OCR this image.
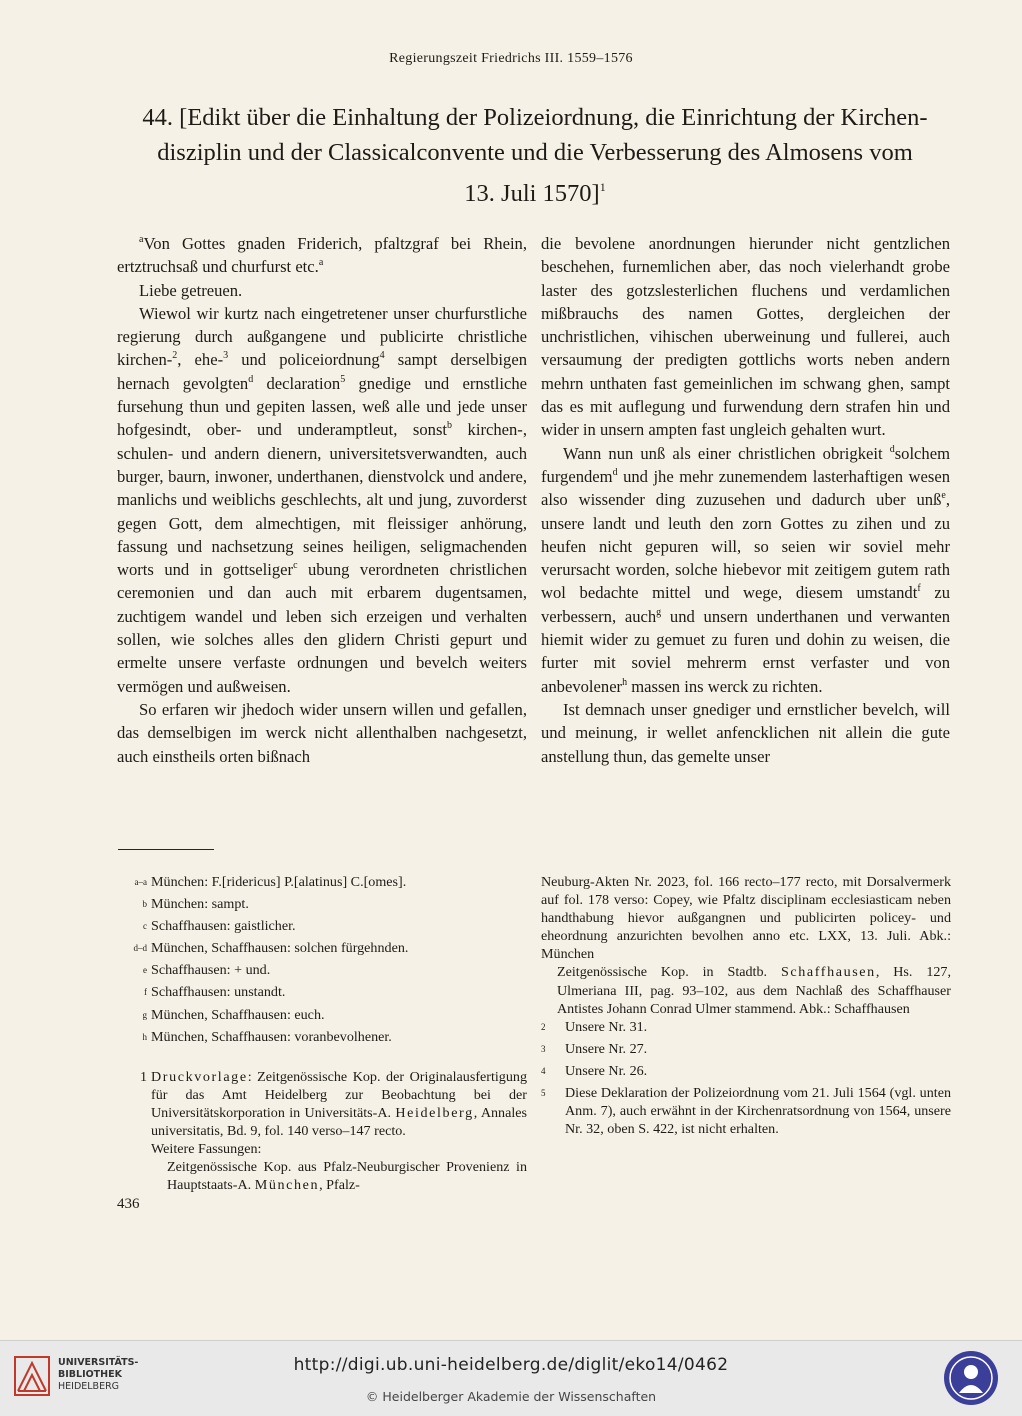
Regierungszeit Friedrichs III. 1559–1576
44. [Edikt über die Einhaltung der Polizeiordnung, die Einrichtung der Kirchen-
disziplin und der Classicalconvente und die Verbesserung des Almosens vom
13. Juli 1570]$^1$

$^a$Von Gottes gnaden Friderich, pfaltzgraf bei Rhein, ertztruchsaß und churfurst etc.$^a$

Liebe getreuen.

Wiewol wir kurtz nach eingetretener unser churfurstliche regierung durch außgangene und publicirte christliche kirchen-$^2$, ehe-$^3$ und policeiordnung$^4$ sampt derselbigen hernach gevolgten$^d$ declaration$^5$ gnedige und ernstliche fursehung thun und gepiten lassen, weß alle und jede unser hofgesindt, ober- und underamptleut, sonst$^b$ kirchen-, schulen- und andern dienern, universitetsverwandten, auch burger, baurn, inwoner, underthanen, dienstvolck und andere, manlichs und weiblichs geschlechts, alt und jung, zuvorderst gegen Gott, dem almechtigen, mit fleissiger anhörung, fassung und nachsetzung seines heiligen, seligmachenden worts und in gottseliger$^c$ ubung verordneten christlichen ceremonien und dan auch mit erbarem dugentsamen, zuchtigem wandel und leben sich erzeigen und verhalten sollen, wie solches alles den glidern Christi gepurt und ermelte unsere verfaste ordnungen und bevelch weiters vermögen und außweisen.

So erfaren wir jhedoch wider unsern willen und gefallen, das demselbigen im werck nicht allenthalben nachgesetzt, auch einstheils orten bißnach

die bevolene anordnungen hierunder nicht gentzlichen beschehen, furnemlichen aber, das noch vielerhandt grobe laster des gotzslesterlichen fluchens und verdamlichen mißbrauchs des namen Gottes, dergleichen der unchristlichen, vihischen uberweinung und fullerei, auch versaumung der predigten gottlichs worts neben andern mehrn unthaten fast gemeinlichen im schwang ghen, sampt das es mit auflegung und furwendung dern strafen hin und wider in unsern ampten fast ungleich gehalten wurt.

Wann nun unß als einer christlichen obrigkeit $^d$solchem furgendem$^d$ und jhe mehr zunemendem lasterhaftigen wesen also wissender ding zuzusehen und dadurch uber unß$^e$, unsere landt und leuth den zorn Gottes zu zihen und zu heufen nicht gepuren will, so seien wir soviel mehr verursacht worden, solche hiebevor mit zeitigem gutem rath wol bedachte mittel und wege, diesem umstandt$^f$ zu verbessern, auch$^g$ und unsern underthanen und verwanten hiemit wider zu gemuet zu furen und dohin zu weisen, die furter mit soviel mehrerm ernst verfaster und von anbevolener$^h$ massen ins werck zu richten.

Ist demnach unser gnediger und ernstlicher bevelch, will und meinung, ir wellet anfencklichen nit allein die gute anstellung thun, das gemelte unser

$^{a-a}$ München: F.[ridericus] P.[alatinus] C.[omes].
$^b$ München: sampt.
$^c$ Schaffhausen: gaistlicher.
$^{d-d}$ München, Schaffhausen: solchen fürgehnden.
$^e$ Schaffhausen: + und.
$^f$ Schaffhausen: unstandt.
$^g$ München, Schaffhausen: euch.
$^h$ München, Schaffhausen: voranbevolhener.
1 Druckvorlage: Zeitgenössische Kop. der Originalausfertigung für das Amt Heidelberg zur Beobachtung bei der Universitätskorporation in Universitäts-A. Heidelberg, Annales universitatis, Bd. 9, fol. 140 verso–147 recto.

Weitere Fassungen:

Zeitgenössische Kop. aus Pfalz-Neuburgischer Provenienz in Hauptstaats-A. München, Pfalz-

Neuburg-Akten Nr. 2023, fol. 166 recto–177 recto, mit Dorsalvermerk auf fol. 178 verso: Copey, wie Pfaltz disciplinam ecclesiasticam neben handthabung hievor außgangnen und publicirten policey- und eheordnung anzurichten bevolhen anno etc. LXX, 13. Juli. Abk.: München

Zeitgenössische Kop. in Stadtb. Schaffhausen, Hs. 127, Ulmeriana III, pag. 93–102, aus dem Nachlaß des Schaffhauser Antistes Johann Conrad Ulmer stammend. Abk.: Schaffhausen

$^2$	Unsere Nr. 31.

$^3$	Unsere Nr. 27.

$^4$	Unsere Nr. 26.

$^5$	Diese Deklaration der Polizeiordnung vom 21. Juli 1564 (vgl. unten Anm. 7), auch erwähnt in der Kirchenratsordnung von 1564, unsere Nr. 32, oben S. 422, ist nicht erhalten.

436
UNIVERSITÄTS-
BIBLIOTHEK
HEIDELBERG
http://digi.ub.uni-heidelberg.de/diglit/eko14/0462
© Heidelberger Akademie der Wissenschaften
